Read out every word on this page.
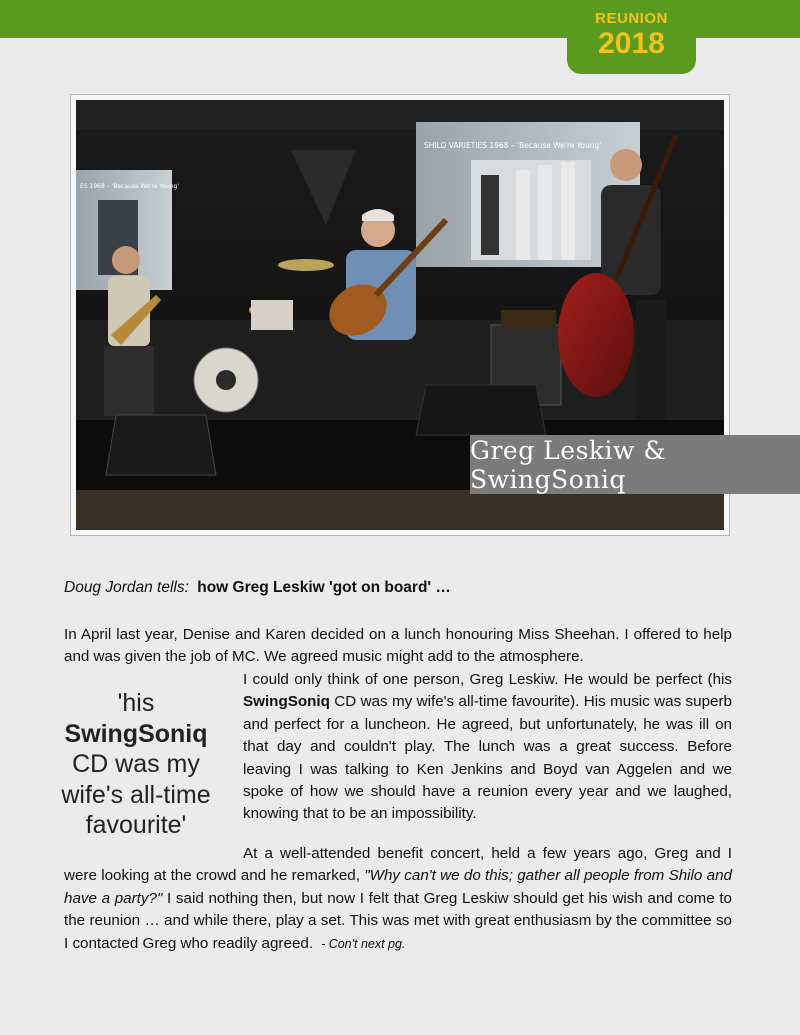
REUNION
2018
ES 1968 – 'Because We're Young'
SHILO VARIETIES 1968 – 'Because We're Young'
Greg Leskiw & SwingSoniq
Doug Jordan tells: how Greg Leskiw 'got on board' …
In April last year, Denise and Karen decided on a lunch honouring Miss Sheehan. I offered to help and was given the job of MC. We agreed music might add to the atmosphere.
'his
SwingSoniq
CD was my
wife's all-time
favourite'
I could only think of one person, Greg Leskiw. He would be perfect (his SwingSoniq CD was my wife's all-time favourite). His music was superb and perfect for a luncheon. He agreed, but unfortunately, he was ill on that day and couldn't play. The lunch was a great success. Before leaving I was talking to Ken Jenkins and Boyd van Aggelen and we spoke of how we should have a reunion every year and we laughed, knowing that to be an impossibility.
At a well-attended benefit concert, held a few years ago, Greg and I were looking at the crowd and he remarked, "Why can't we do this; gather all people from Shilo and have a party?" I said nothing then, but now I felt that Greg Leskiw should get his wish and come to the reunion … and while there, play a set. This was met with great enthusiasm by the committee so I contacted Greg who readily agreed. - Con't next pg.
